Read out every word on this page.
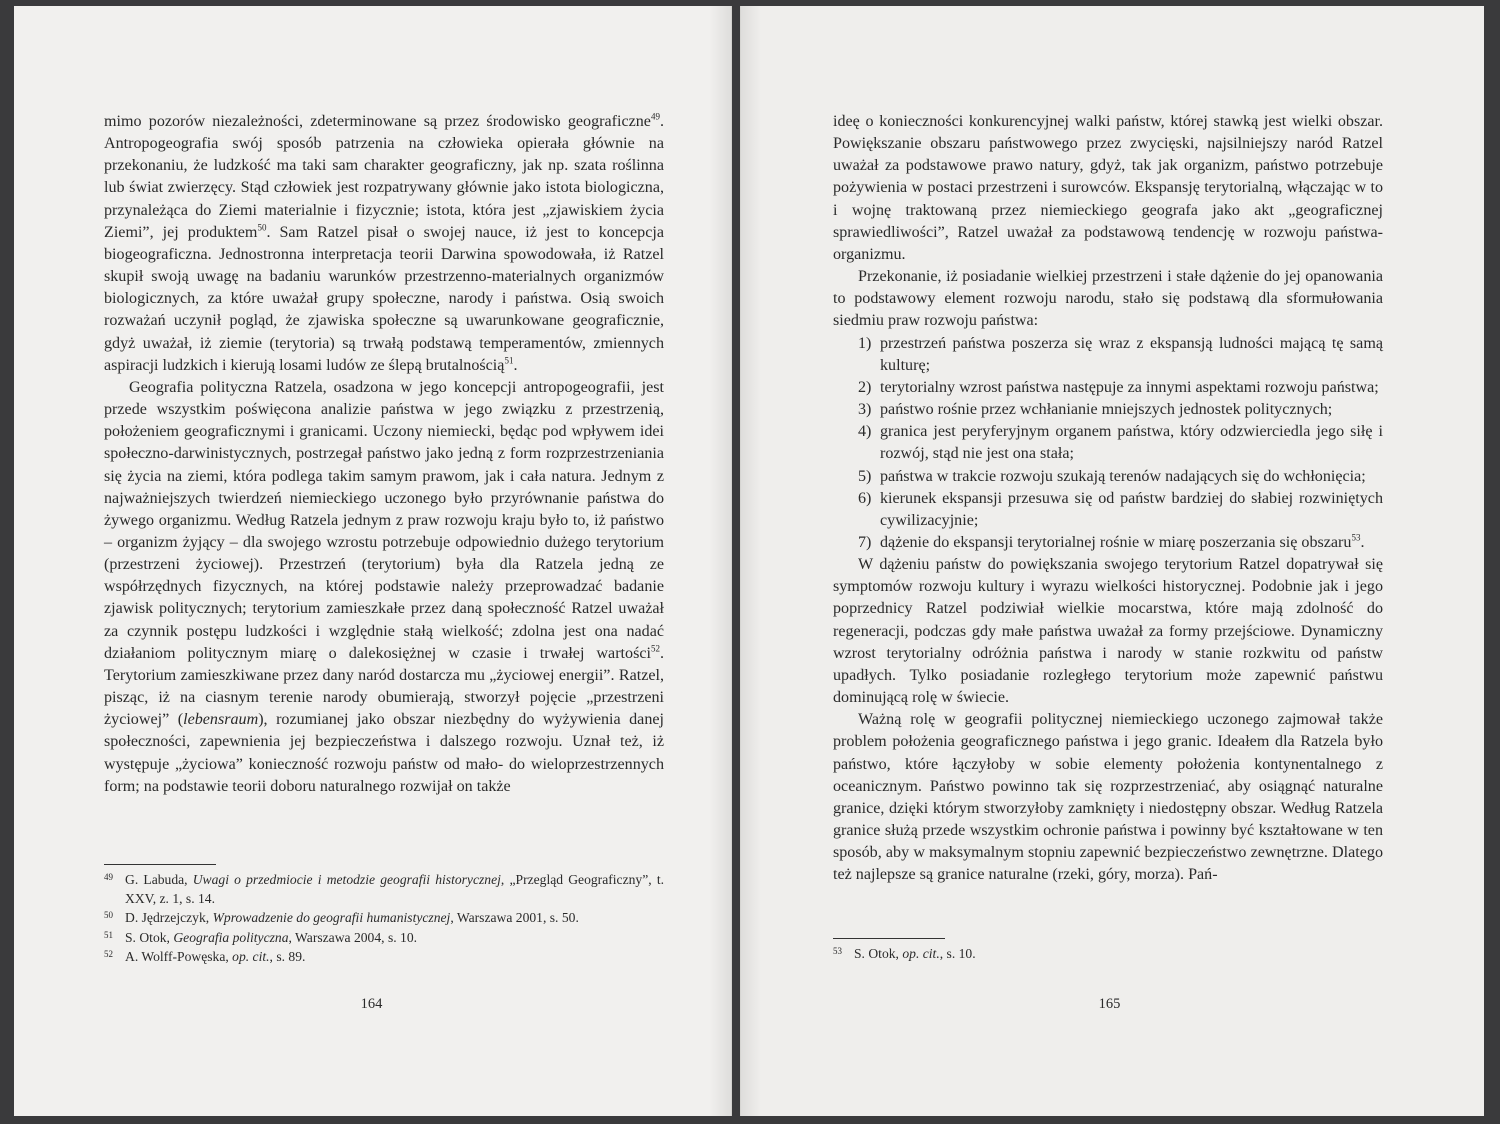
mimo pozorów niezależności, zdeterminowane są przez środowisko geograficzne$^{49}$. Antropogeografia swój sposób patrzenia na człowieka opierała głównie na przekonaniu, że ludzkość ma taki sam charakter geograficzny, jak np. szata roślinna lub świat zwierzęcy. Stąd człowiek jest rozpatrywany głównie jako istota biologiczna, przynależąca do Ziemi materialnie i fizycznie; istota, która jest „zjawiskiem życia Ziemi”, jej produktem$^{50}$. Sam Ratzel pisał o swojej nauce, iż jest to koncepcja biogeograficzna. Jednostronna interpretacja teorii Darwina spowodowała, iż Ratzel skupił swoją uwagę na badaniu warunków przestrzenno-materialnych organizmów biologicznych, za które uważał grupy społeczne, narody i państwa. Osią swoich rozważań uczynił pogląd, że zjawiska społeczne są uwarunkowane geograficznie, gdyż uważał, iż ziemie (terytoria) są trwałą podstawą temperamentów, zmiennych aspiracji ludzkich i kierują losami ludów ze ślepą brutalnością$^{51}$.

Geografia polityczna Ratzela, osadzona w jego koncepcji antropogeografii, jest przede wszystkim poświęcona analizie państwa w jego związku z przestrzenią, położeniem geograficznymi i granicami. Uczony niemiecki, będąc pod wpływem idei społeczno-darwinistycznych, postrzegał państwo jako jedną z form rozprzestrzeniania się życia na ziemi, która podlega takim samym prawom, jak i cała natura. Jednym z najważniejszych twierdzeń niemieckiego uczonego było przyrównanie państwa do żywego organizmu. Według Ratzela jednym z praw rozwoju kraju było to, iż państwo – organizm żyjący – dla swojego wzrostu potrzebuje odpowiednio dużego terytorium (przestrzeni życiowej). Przestrzeń (terytorium) była dla Ratzela jedną ze współrzędnych fizycznych, na której podstawie należy przeprowadzać badanie zjawisk politycznych; terytorium zamieszkałe przez daną społeczność Ratzel uważał za czynnik postępu ludzkości i względnie stałą wielkość; zdolna jest ona nadać działaniom politycznym miarę o dalekosiężnej w czasie i trwałej wartości$^{52}$. Terytorium zamieszkiwane przez dany naród dostarcza mu „życiowej energii”. Ratzel, pisząc, iż na ciasnym terenie narody obumierają, stworzył pojęcie „przestrzeni życiowej” (lebensraum), rozumianej jako obszar niezbędny do wyżywienia danej społeczności, zapewnienia jej bezpieczeństwa i dalszego rozwoju. Uznał też, iż występuje „życiowa” konieczność rozwoju państw od mało- do wieloprzestrzennych form; na podstawie teorii doboru naturalnego rozwijał on także

49 G. Labuda, Uwagi o przedmiocie i metodzie geografii historycznej, „Przegląd Geograficzny”, t. XXV, z. 1, s. 14.
50 D. Jędrzejczyk, Wprowadzenie do geografii humanistycznej, Warszawa 2001, s. 50.
51 S. Otok, Geografia polityczna, Warszawa 2004, s. 10.
52 A. Wolff-Powęska, op. cit., s. 89.
164

ideę o konieczności konkurencyjnej walki państw, której stawką jest wielki obszar. Powiększanie obszaru państwowego przez zwycięski, najsilniejszy naród Ratzel uważał za podstawowe prawo natury, gdyż, tak jak organizm, państwo potrzebuje pożywienia w postaci przestrzeni i surowców. Ekspansję terytorialną, włączając w to i wojnę traktowaną przez niemieckiego geografa jako akt „geograficznej sprawiedliwości”, Ratzel uważał za podstawową tendencję w rozwoju państwa-organizmu.

Przekonanie, iż posiadanie wielkiej przestrzeni i stałe dążenie do jej opanowania to podstawowy element rozwoju narodu, stało się podstawą dla sformułowania siedmiu praw rozwoju państwa:

1) przestrzeń państwa poszerza się wraz z ekspansją ludności mającą tę samą kulturę;
2) terytorialny wzrost państwa następuje za innymi aspektami rozwoju państwa;
3) państwo rośnie przez wchłanianie mniejszych jednostek politycznych;
4) granica jest peryferyjnym organem państwa, który odzwierciedla jego siłę i rozwój, stąd nie jest ona stała;
5) państwa w trakcie rozwoju szukają terenów nadających się do wchłonięcia;
6) kierunek ekspansji przesuwa się od państw bardziej do słabiej rozwiniętych cywilizacyjnie;
7) dążenie do ekspansji terytorialnej rośnie w miarę poszerzania się obszaru$^{53}$.

W dążeniu państw do powiększania swojego terytorium Ratzel dopatrywał się symptomów rozwoju kultury i wyrazu wielkości historycznej. Podobnie jak i jego poprzednicy Ratzel podziwiał wielkie mocarstwa, które mają zdolność do regeneracji, podczas gdy małe państwa uważał za formy przejściowe. Dynamiczny wzrost terytorialny odróżnia państwa i narody w stanie rozkwitu od państw upadłych. Tylko posiadanie rozległego terytorium może zapewnić państwu dominującą rolę w świecie.

Ważną rolę w geografii politycznej niemieckiego uczonego zajmował także problem położenia geograficznego państwa i jego granic. Ideałem dla Ratzela było państwo, które łączyłoby w sobie elementy położenia kontynentalnego z oceanicznym. Państwo powinno tak się rozprzestrzeniać, aby osiągnąć naturalne granice, dzięki którym stworzyłoby zamknięty i niedostępny obszar. Według Ratzela granice służą przede wszystkim ochronie państwa i powinny być kształtowane w ten sposób, aby w maksymalnym stopniu zapewnić bezpieczeństwo zewnętrzne. Dlatego też najlepsze są granice naturalne (rzeki, góry, morza). Pań-

53 S. Otok, op. cit., s. 10.
165
